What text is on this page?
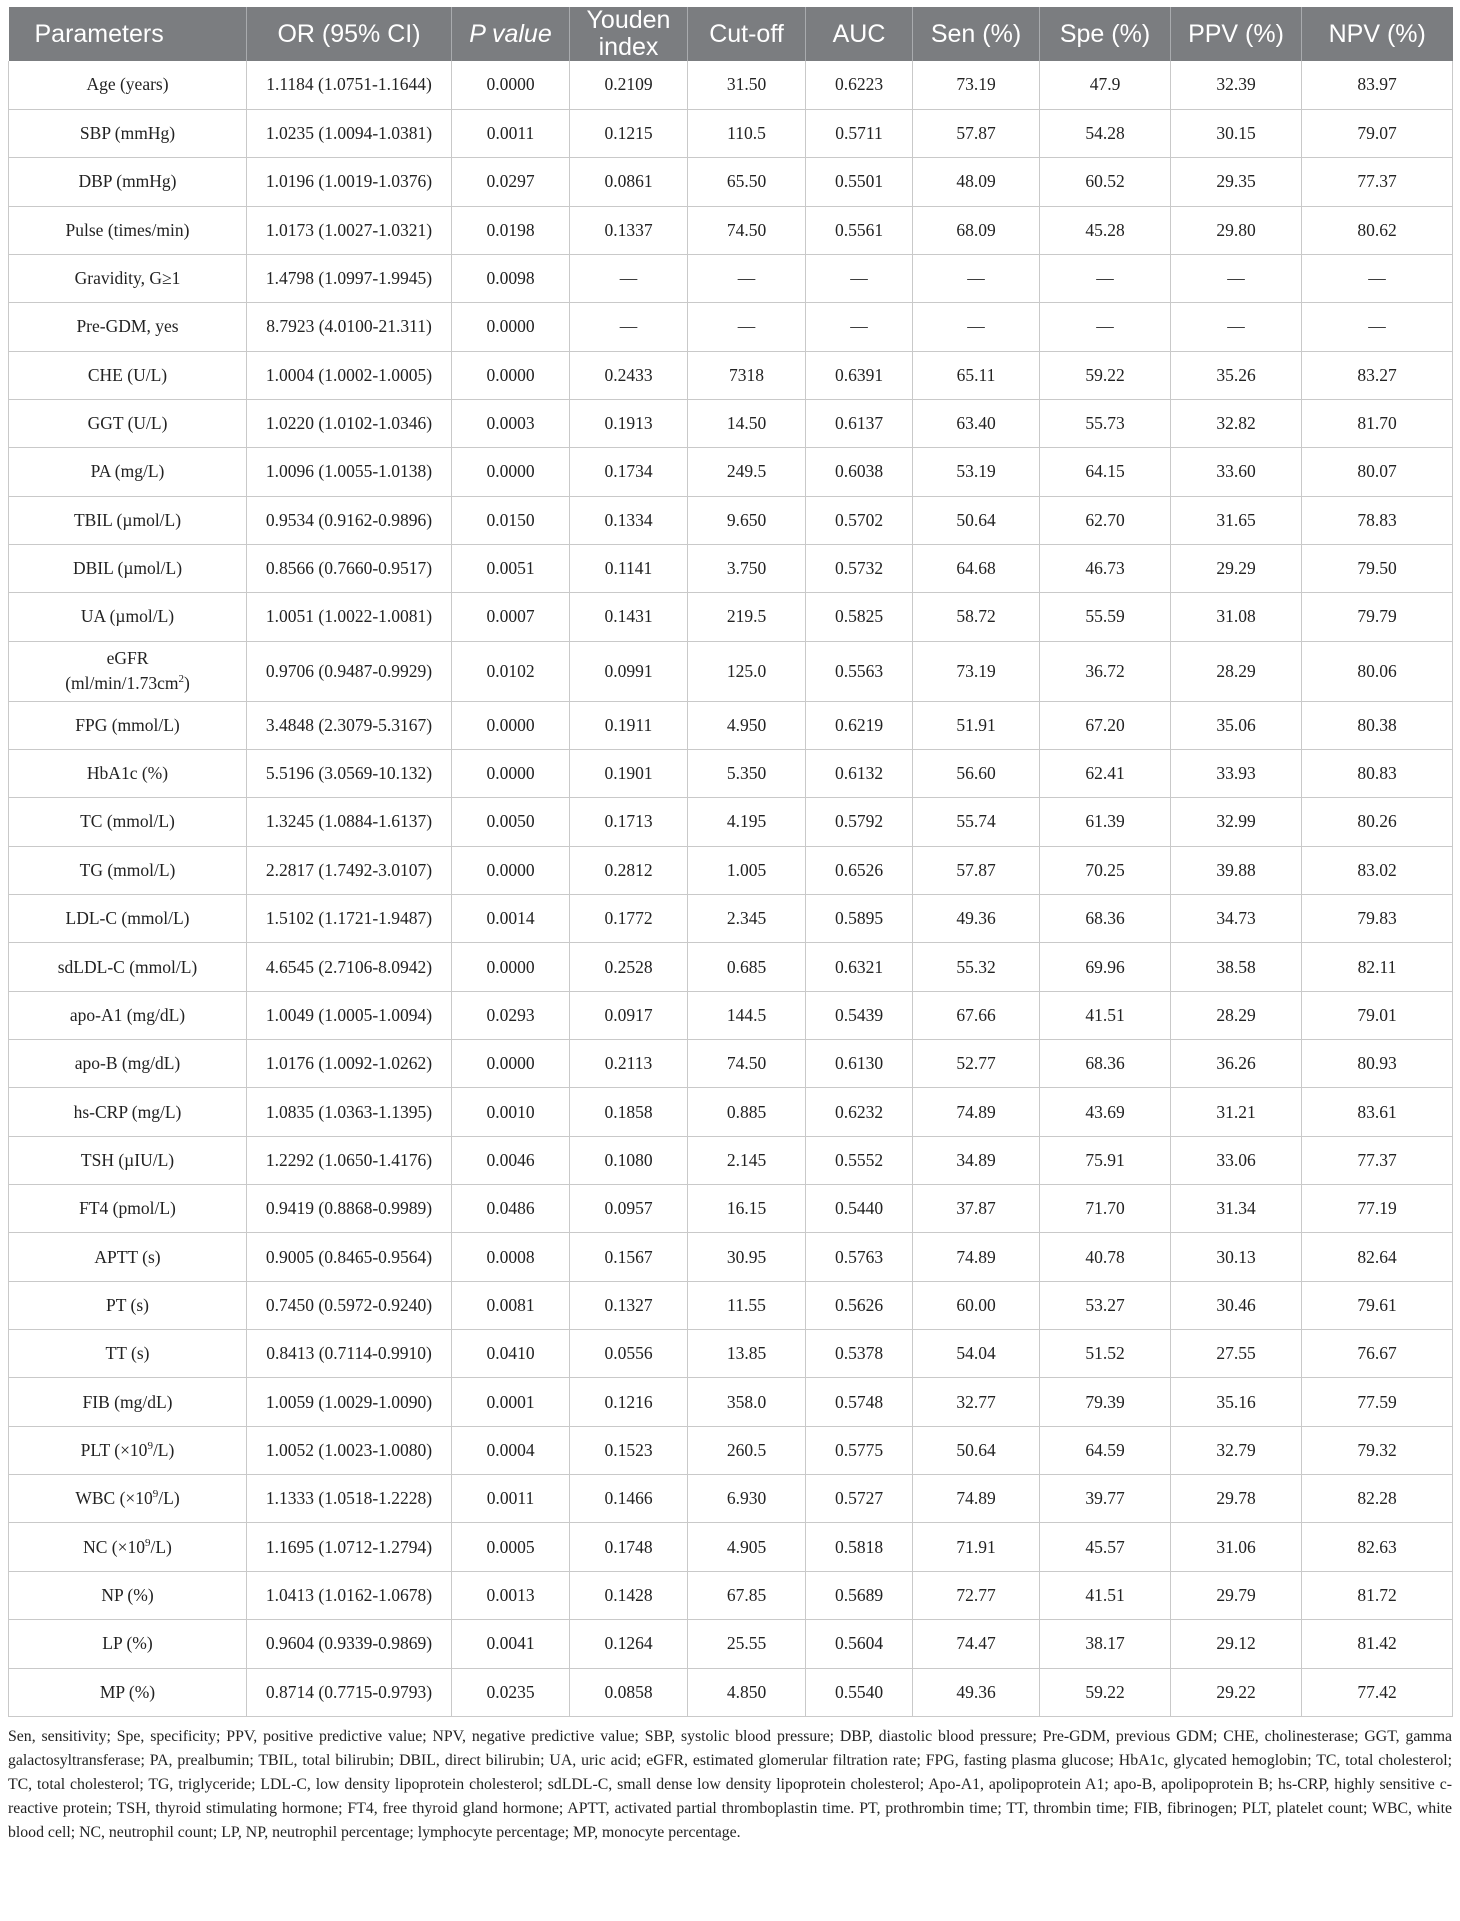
Parameters	OR (95% CI)	P value	Youden index	Cut-off	AUC	Sen (%)	Spe (%)	PPV (%)	NPV (%)
Age (years)	1.1184 (1.0751-1.1644)	0.0000	0.2109	31.50	0.6223	73.19	47.9	32.39	83.97
SBP (mmHg)	1.0235 (1.0094-1.0381)	0.0011	0.1215	110.5	0.5711	57.87	54.28	30.15	79.07
DBP (mmHg)	1.0196 (1.0019-1.0376)	0.0297	0.0861	65.50	0.5501	48.09	60.52	29.35	77.37
Pulse (times/min)	1.0173 (1.0027-1.0321)	0.0198	0.1337	74.50	0.5561	68.09	45.28	29.80	80.62
Gravidity, G≥1	1.4798 (1.0997-1.9945)	0.0098	—	—	—	—	—	—	—
Pre-GDM, yes	8.7923 (4.0100-21.311)	0.0000	—	—	—	—	—	—	—
CHE (U/L)	1.0004 (1.0002-1.0005)	0.0000	0.2433	7318	0.6391	65.11	59.22	35.26	83.27
GGT (U/L)	1.0220 (1.0102-1.0346)	0.0003	0.1913	14.50	0.6137	63.40	55.73	32.82	81.70
PA (mg/L)	1.0096 (1.0055-1.0138)	0.0000	0.1734	249.5	0.6038	53.19	64.15	33.60	80.07
TBIL (µmol/L)	0.9534 (0.9162-0.9896)	0.0150	0.1334	9.650	0.5702	50.64	62.70	31.65	78.83
DBIL (µmol/L)	0.8566 (0.7660-0.9517)	0.0051	0.1141	3.750	0.5732	64.68	46.73	29.29	79.50
UA (µmol/L)	1.0051 (1.0022-1.0081)	0.0007	0.1431	219.5	0.5825	58.72	55.59	31.08	79.79
eGFR
$(ml/\min/1.73cm^2)$	0.9706 (0.9487-0.9929)	0.0102	0.0991	125.0	0.5563	73.19	36.72	28.29	80.06
FPG (mmol/L)	3.4848 (2.3079-5.3167)	0.0000	0.1911	4.950	0.6219	51.91	67.20	35.06	80.38
HbA1c (%)	5.5196 (3.0569-10.132)	0.0000	0.1901	5.350	0.6132	56.60	62.41	33.93	80.83
TC (mmol/L)	1.3245 (1.0884-1.6137)	0.0050	0.1713	4.195	0.5792	55.74	61.39	32.99	80.26
TG (mmol/L)	2.2817 (1.7492-3.0107)	0.0000	0.2812	1.005	0.6526	57.87	70.25	39.88	83.02
LDL-C (mmol/L)	1.5102 (1.1721-1.9487)	0.0014	0.1772	2.345	0.5895	49.36	68.36	34.73	79.83
sdLDL-C (mmol/L)	4.6545 (2.7106-8.0942)	0.0000	0.2528	0.685	0.6321	55.32	69.96	38.58	82.11
apo-A1 (mg/dL)	1.0049 (1.0005-1.0094)	0.0293	0.0917	144.5	0.5439	67.66	41.51	28.29	79.01
apo-B (mg/dL)	1.0176 (1.0092-1.0262)	0.0000	0.2113	74.50	0.6130	52.77	68.36	36.26	80.93
hs-CRP (mg/L)	1.0835 (1.0363-1.1395)	0.0010	0.1858	0.885	0.6232	74.89	43.69	31.21	83.61
TSH (µIU/L)	1.2292 (1.0650-1.4176)	0.0046	0.1080	2.145	0.5552	34.89	75.91	33.06	77.37
FT4 (pmol/L)	0.9419 (0.8868-0.9989)	0.0486	0.0957	16.15	0.5440	37.87	71.70	31.34	77.19
APTT (s)	0.9005 (0.8465-0.9564)	0.0008	0.1567	30.95	0.5763	74.89	40.78	30.13	82.64
PT (s)	0.7450 (0.5972-0.9240)	0.0081	0.1327	11.55	0.5626	60.00	53.27	30.46	79.61
TT (s)	0.8413 (0.7114-0.9910)	0.0410	0.0556	13.85	0.5378	54.04	51.52	27.55	76.67
FIB (mg/dL)	1.0059 (1.0029-1.0090)	0.0001	0.1216	358.0	0.5748	32.77	79.39	35.16	77.59
PLT $(\times 10^9/L)$	1.0052 (1.0023-1.0080)	0.0004	0.1523	260.5	0.5775	50.64	64.59	32.79	79.32
WBC $(\times 10^9/L)$	1.1333 (1.0518-1.2228)	0.0011	0.1466	6.930	0.5727	74.89	39.77	29.78	82.28
NC $(\times 10^9/L)$	1.1695 (1.0712-1.2794)	0.0005	0.1748	4.905	0.5818	71.91	45.57	31.06	82.63
NP (%)	1.0413 (1.0162-1.0678)	0.0013	0.1428	67.85	0.5689	72.77	41.51	29.79	81.72
LP (%)	0.9604 (0.9339-0.9869)	0.0041	0.1264	25.55	0.5604	74.47	38.17	29.12	81.42
MP (%)	0.8714 (0.7715-0.9793)	0.0235	0.0858	4.850	0.5540	49.36	59.22	29.22	77.42

Sen, sensitivity; Spe, specificity; PPV, positive predictive value; NPV, negative predictive value; SBP, systolic blood pressure; DBP, diastolic blood pressure; Pre-GDM, previous GDM; CHE, cholinesterase; GGT, gamma galactosyltransferase; PA, prealbumin; TBIL, total bilirubin; DBIL, direct bilirubin; UA, uric acid; eGFR, estimated glomerular filtration rate; FPG, fasting plasma glucose; HbA1c, glycated hemoglobin; TC, total cholesterol; TC, total cholesterol; TG, triglyceride; LDL-C, low density lipoprotein cholesterol; sdLDL-C, small dense low density lipoprotein cholesterol; Apo-A1, apolipoprotein A1; apo-B, apolipoprotein B; hs-CRP, highly sensitive c-reactive protein; TSH, thyroid stimulating hormone; FT4, free thyroid gland hormone; APTT, activated partial thromboplastin time. PT, prothrombin time; TT, thrombin time; FIB, fibrinogen; PLT, platelet count; WBC, white blood cell; NC, neutrophil count; LP, NP, neutrophil percentage; lymphocyte percentage; MP, monocyte percentage.
